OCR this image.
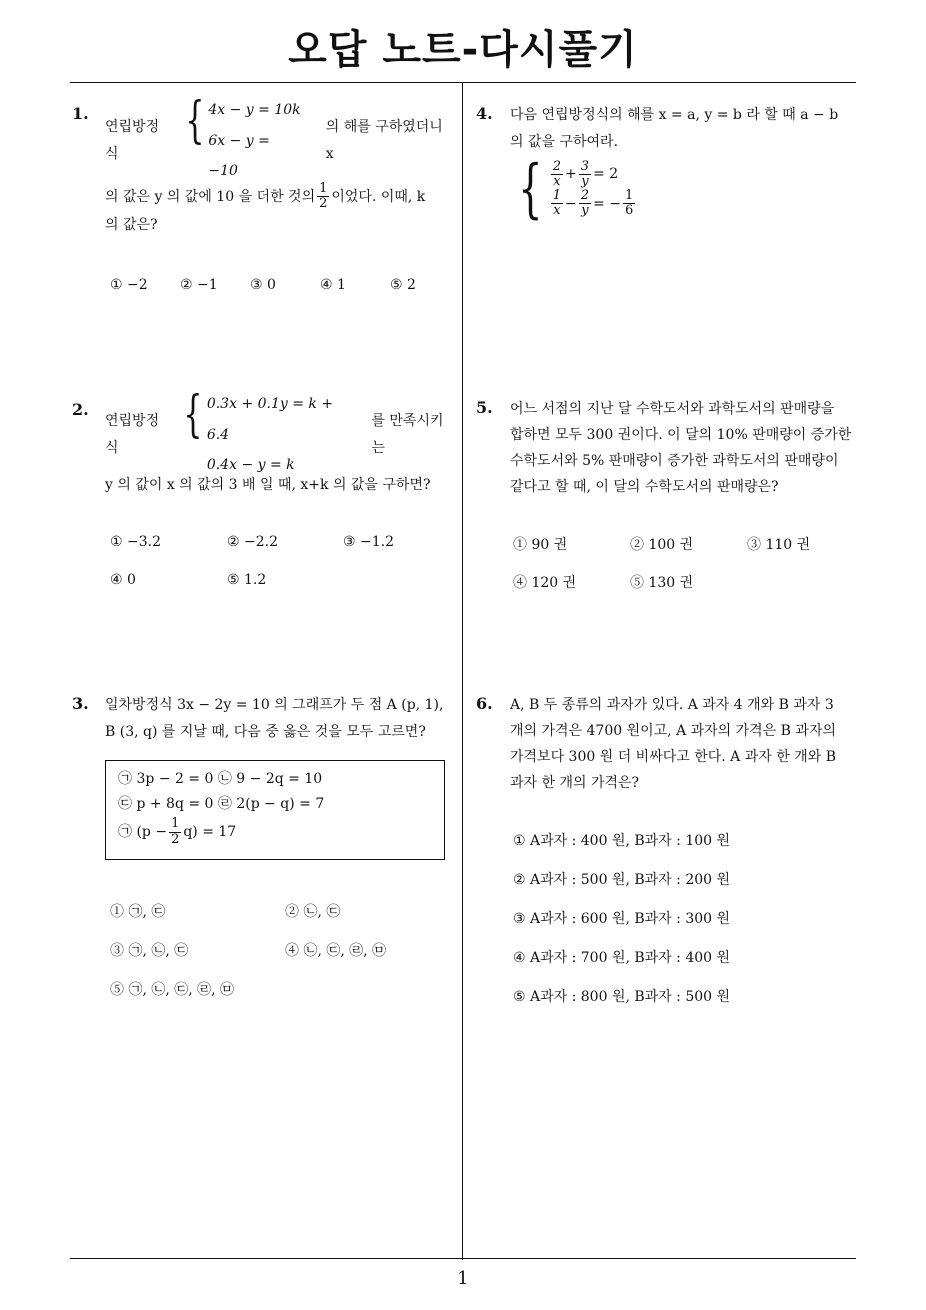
오답 노트-다시풀기
1.
연립방정식
{ 4x − y = 10k
6x − y = −10
의 해를 구하였더니 x
의 값은 y 의 값에 10 을 더한 것의 $\frac{1}{2}$ 이었다. 이때, k
의 값은?
① −2 ② −1 ③ 0	④ 1	⑤ 2
2.
연립방정식
{ 0.3x + 0.1y = k + 6.4
0.4x − y = k
를 만족시키는
y 의 값이 x 의 값의 3 배 일 때, x+k 의 값을 구하면?
① −3.2	② −2.2	③ −1.2
④ 0	⑤ 1.2
3. 일차방정식 3x − 2y = 10 의 그래프가 두 점 A (p, 1),
B (3, q) 를 지날 때, 다음 중 옳은 것을 모두 고르면?
㉠ 3p − 2 = 0 ㉡ 9 − 2q = 10
㉢ p + 8q = 0 ㉣ 2(p − q) = 7
㉠ $(p - \frac{1}{2} q) = 17$
① ㉠, ㉢	② ㉡, ㉢
③ ㉠, ㉡, ㉢	④ ㉡, ㉢, ㉣, ㉤
⑤ ㉠, ㉡, ㉢, ㉣, ㉤
4. 다음 연립방정식의 해를 x = a, y = b 라 할 때 a − b
의 값을 구하여라.
{ $\frac{2}{x} + \frac{3}{y} = 2$
$\frac{1}{x} - \frac{2}{y}$ = − $\frac{1}{6}$
5. 어느 서점의 지난 달 수학도서와 과학도서의 판매량을
합하면 모두 300 권이다. 이 달의 10% 판매량이 증가한
수학도서와 5% 판매량이 증가한 과학도서의 판매량이
같다고 할 때, 이 달의 수학도서의 판매량은?
① 90 권	② 100 권	③ 110 권
④ 120 권	⑤ 130 권
6. A, B 두 종류의 과자가 있다. A 과자 4 개와 B 과자 3
개의 가격은 4700 원이고, A 과자의 가격은 B 과자의
가격보다 300 원 더 비싸다고 한다. A 과자 한 개와 B
과자 한 개의 가격은?
① A과자 : 400 원, B과자 : 100 원
② A과자 : 500 원, B과자 : 200 원
③ A과자 : 600 원, B과자 : 300 원
④ A과자 : 700 원, B과자 : 400 원
⑤ A과자 : 800 원, B과자 : 500 원
1
